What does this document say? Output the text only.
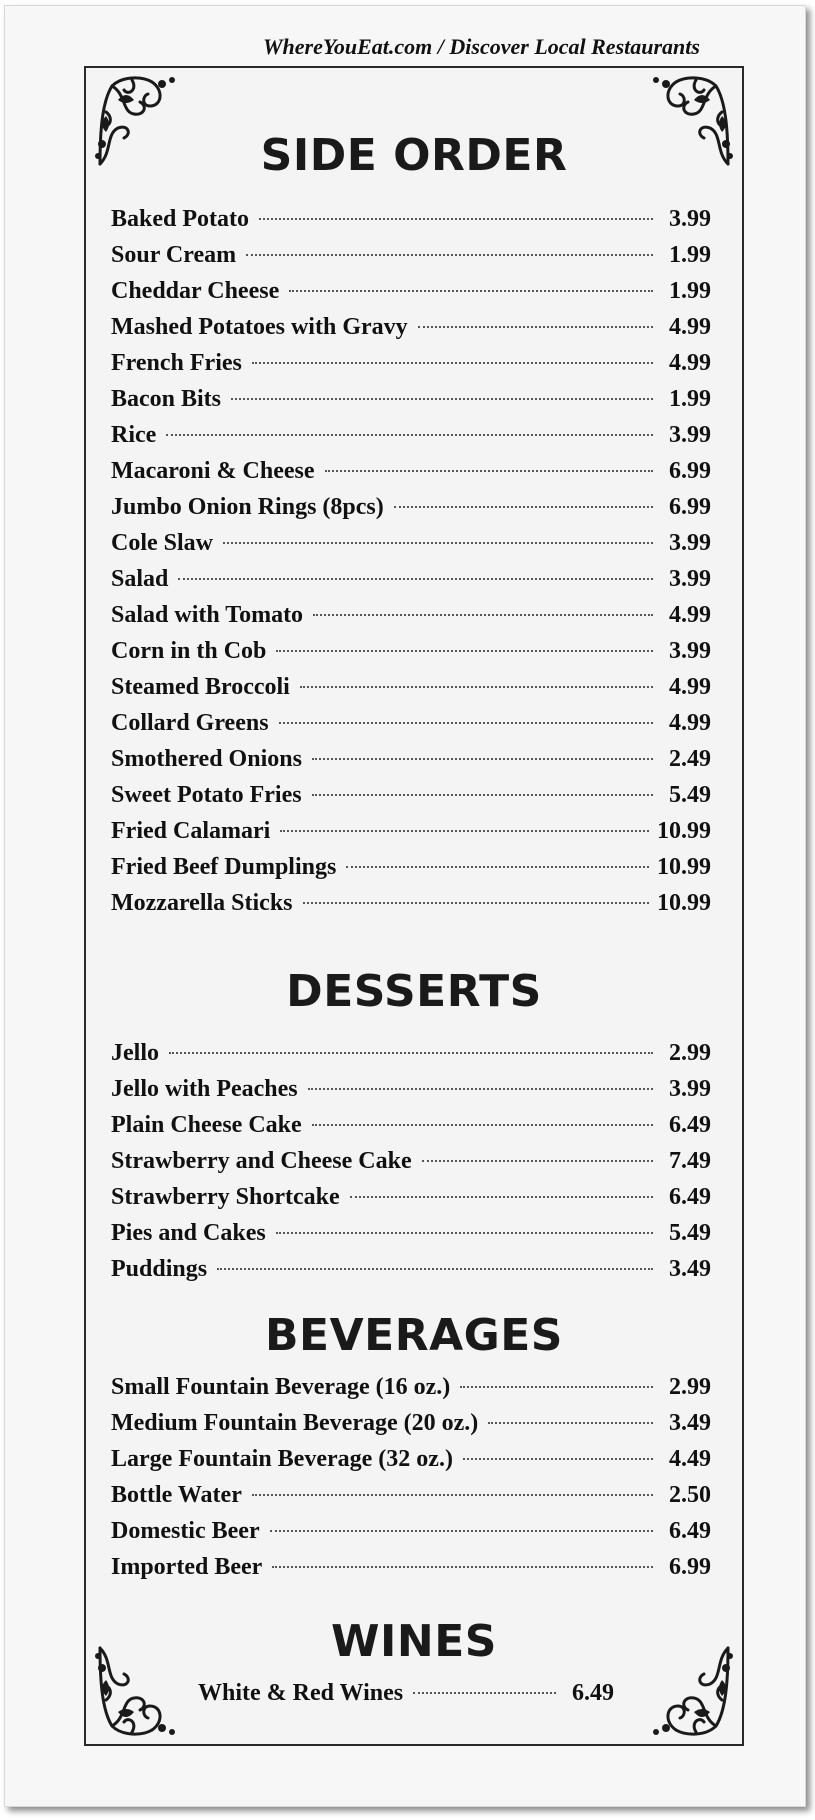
WhereYouEat.com / Discover Local Restaurants
SIDE ORDER
Baked Potato	3.99
Sour Cream	1.99
Cheddar Cheese	1.99
Mashed Potatoes with Gravy	4.99
French Fries	4.99
Bacon Bits	1.99
Rice	3.99
Macaroni & Cheese	6.99
Jumbo Onion Rings (8pcs)	6.99
Cole Slaw	3.99
Salad	3.99
Salad with Tomato	4.99
Corn in th Cob	3.99
Steamed Broccoli	4.99
Collard Greens	4.99
Smothered Onions	2.49
Sweet Potato Fries	5.49
Fried Calamari	10.99
Fried Beef Dumplings	10.99
Mozzarella Sticks	10.99
DESSERTS
Jello	2.99
Jello with Peaches	3.99
Plain Cheese Cake	6.49
Strawberry and Cheese Cake	7.49
Strawberry Shortcake	6.49
Pies and Cakes	5.49
Puddings	3.49
BEVERAGES
Small Fountain Beverage (16 oz.)	2.99
Medium Fountain Beverage (20 oz.)	3.49
Large Fountain Beverage (32 oz.)	4.49
Bottle Water	2.50
Domestic Beer	6.49
Imported Beer	6.99
WINES
White & Red Wines	6.49
